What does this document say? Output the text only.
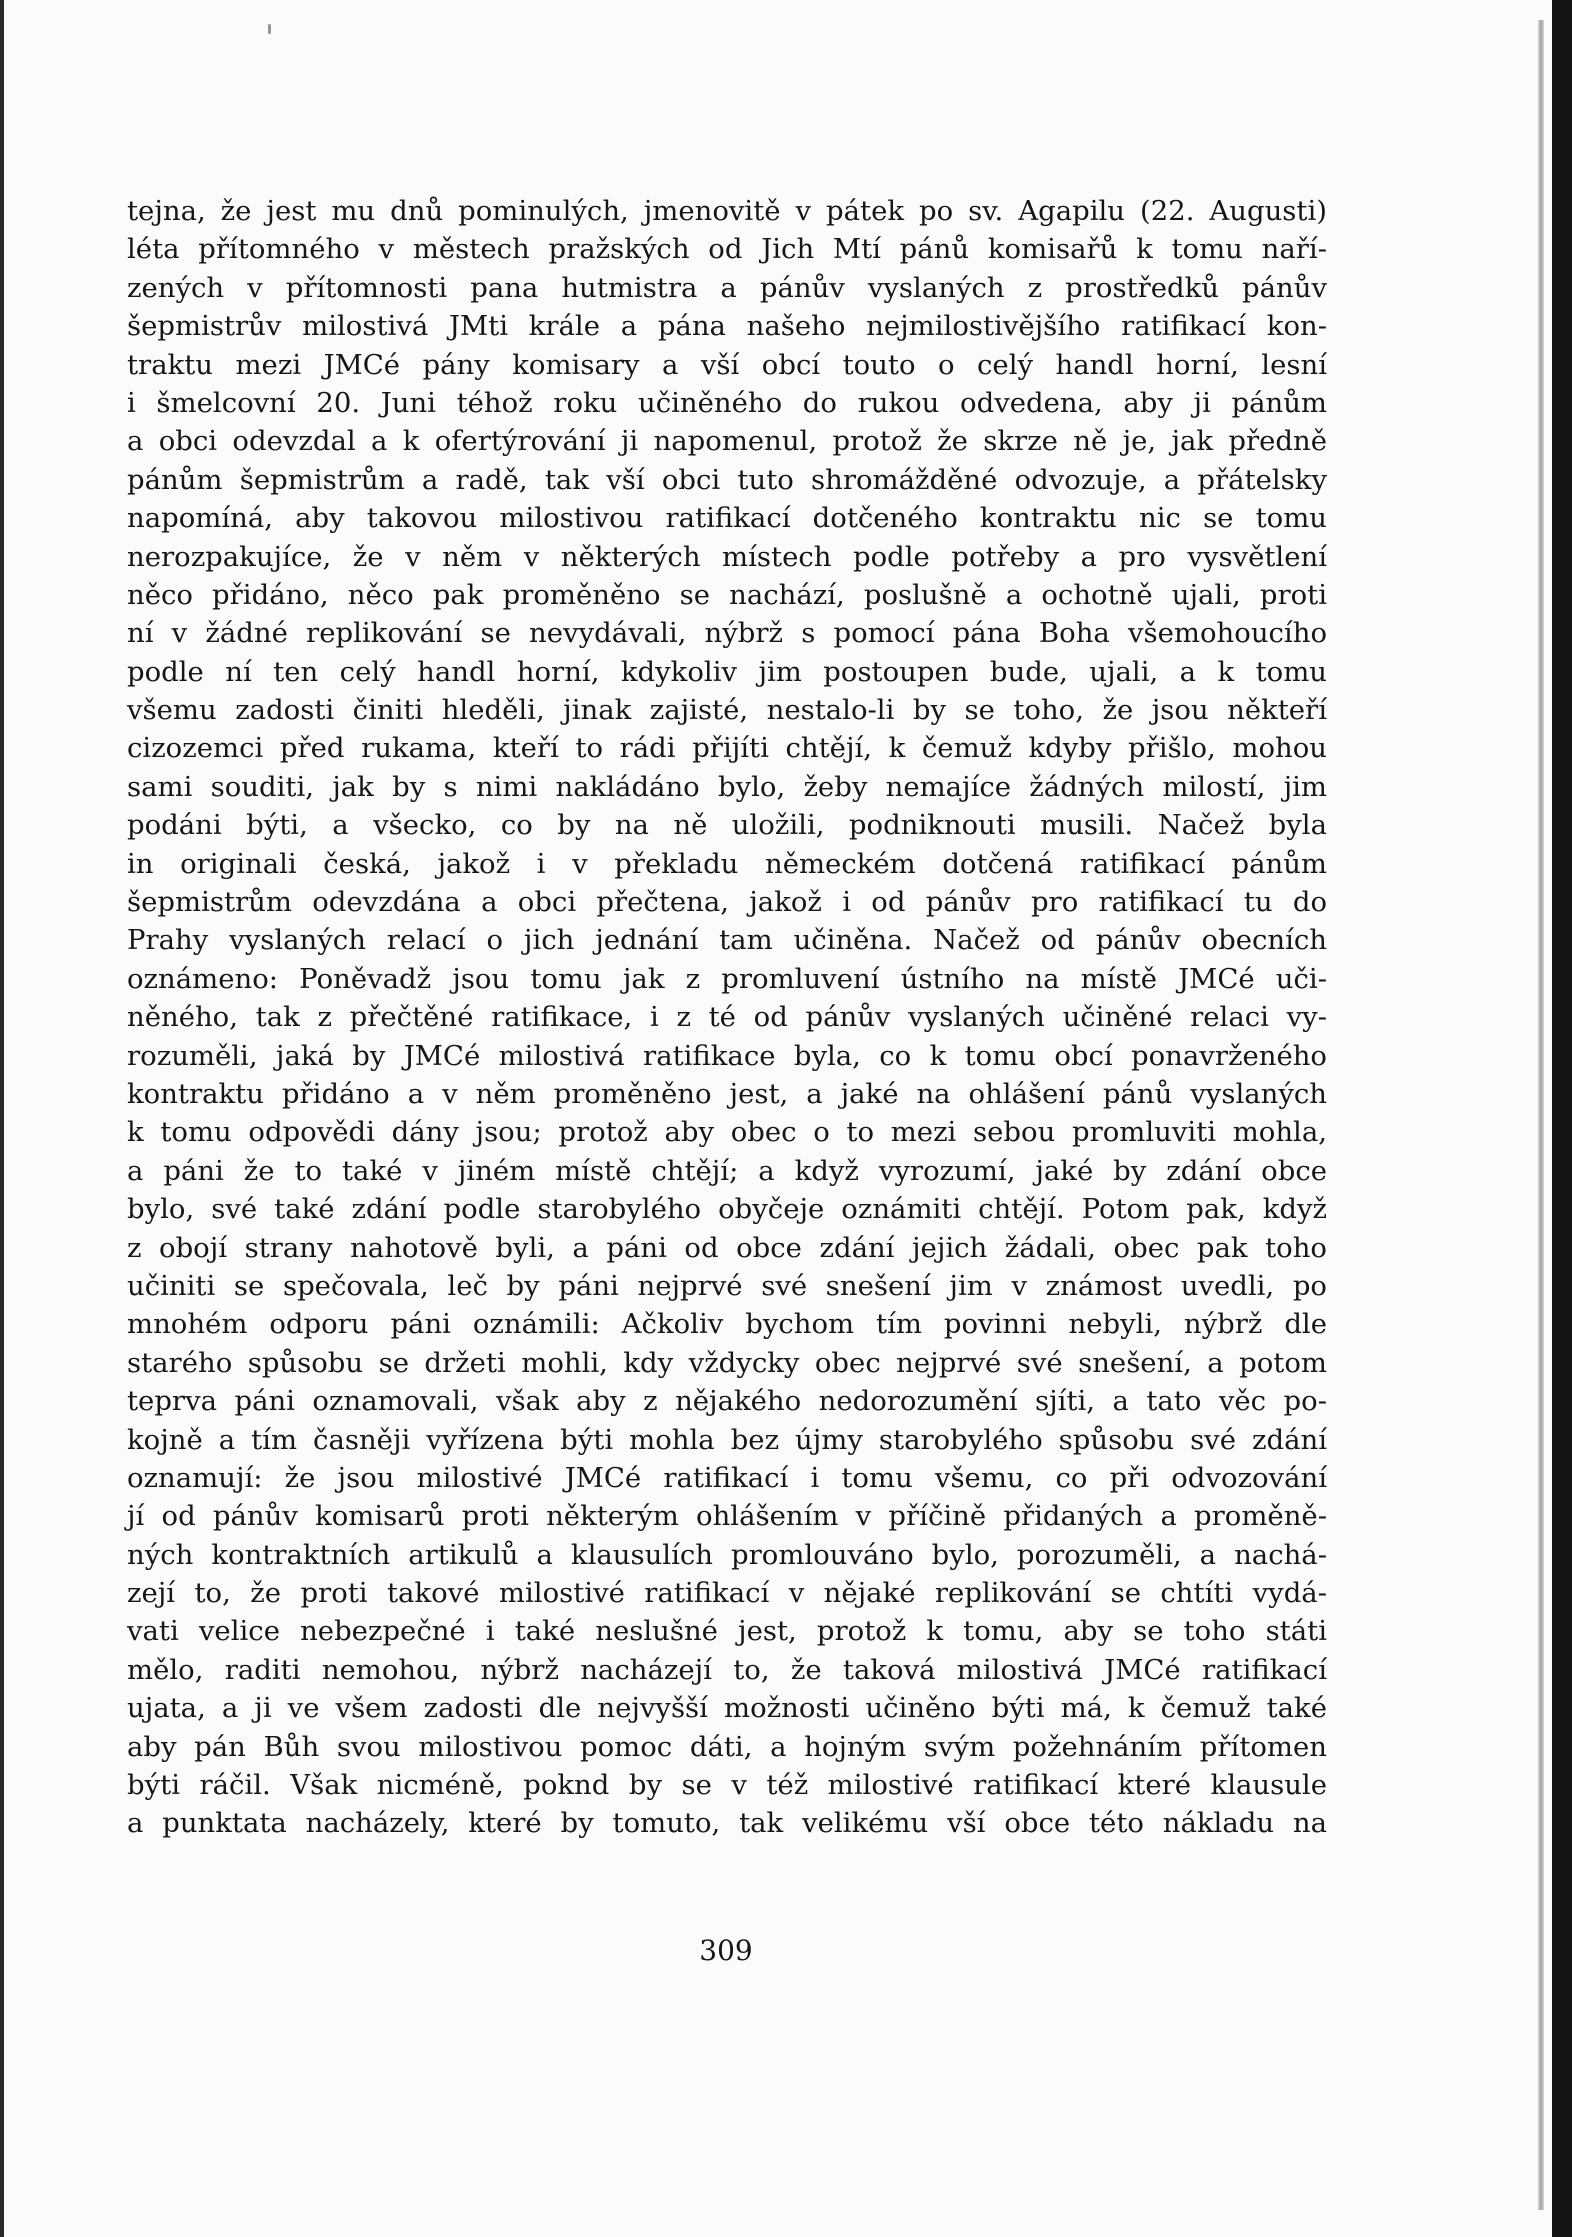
tejna, že jest mu dnů pominulých, jmenovitě v pátek po sv. Agapilu (22. Augusti)
léta přítomného v městech pražských od Jich Mtí pánů komisařů k tomu naří-
zených v přítomnosti pana hutmistra a pánův vyslaných z prostředků pánův
šepmistrův milostivá JMti krále a pána našeho nejmilostivějšího ratifikací kon-
traktu mezi JMCé pány komisary a vší obcí touto o celý handl horní, lesní
i šmelcovní 20. Juni téhož roku učiněného do rukou odvedena, aby ji pánům
a obci odevzdal a k ofertýrování ji napomenul, protož že skrze ně je, jak předně
pánům šepmistrům a radě, tak vší obci tuto shromážděné odvozuje, a přátelsky
napomíná, aby takovou milostivou ratifikací dotčeného kontraktu nic se tomu
nerozpakujíce, že v něm v některých místech podle potřeby a pro vysvětlení
něco přidáno, něco pak proměněno se nachází, poslušně a ochotně ujali, proti
ní v žádné replikování se nevydávali, nýbrž s pomocí pána Boha všemohoucího
podle ní ten celý handl horní, kdykoliv jim postoupen bude, ujali, a k tomu
všemu zadosti činiti hleděli, jinak zajisté, nestalo-li by se toho, že jsou někteří
cizozemci před rukama, kteří to rádi přijíti chtějí, k čemuž kdyby přišlo, mohou
sami souditi, jak by s nimi nakládáno bylo, žeby nemajíce žádných milostí, jim
podáni býti, a všecko, co by na ně uložili, podniknouti musili. Načež byla
in originali česká, jakož i v překladu německém dotčená ratifikací pánům
šepmistrům odevzdána a obci přečtena, jakož i od pánův pro ratifikací tu do
Prahy vyslaných relací o jich jednání tam učiněna. Načež od pánův obecních
oznámeno: Poněvadž jsou tomu jak z promluvení ústního na místě JMCé uči-
něného, tak z přečtěné ratifikace, i z té od pánův vyslaných učiněné relaci vy-
rozuměli, jaká by JMCé milostivá ratifikace byla, co k tomu obcí ponavrženého
kontraktu přidáno a v něm proměněno jest, a jaké na ohlášení pánů vyslaných
k tomu odpovědi dány jsou; protož aby obec o to mezi sebou promluviti mohla,
a páni že to také v jiném místě chtějí; a když vyrozumí, jaké by zdání obce
bylo, své také zdání podle starobylého obyčeje oznámiti chtějí. Potom pak, když
z obojí strany nahotově byli, a páni od obce zdání jejich žádali, obec pak toho
učiniti se spečovala, leč by páni nejprvé své snešení jim v známost uvedli, po
mnohém odporu páni oznámili: Ačkoliv bychom tím povinni nebyli, nýbrž dle
starého spůsobu se držeti mohli, kdy vždycky obec nejprvé své snešení, a potom
teprva páni oznamovali, však aby z nějakého nedorozumění sjíti, a tato věc po-
kojně a tím časněji vyřízena býti mohla bez újmy starobylého spůsobu své zdání
oznamují: že jsou milostivé JMCé ratifikací i tomu všemu, co při odvozování
jí od pánův komisarů proti některým ohlášením v příčině přidaných a proměně-
ných kontraktních artikulů a klausulích promlouváno bylo, porozuměli, a nachá-
zejí to, že proti takové milostivé ratifikací v nějaké replikování se chtíti vydá-
vati velice nebezpečné i také neslušné jest, protož k tomu, aby se toho státi
mělo, raditi nemohou, nýbrž nacházejí to, že taková milostivá JMCé ratifikací
ujata, a ji ve všem zadosti dle nejvyšší možnosti učiněno býti má, k čemuž také
aby pán Bůh svou milostivou pomoc dáti, a hojným svým požehnáním přítomen
býti ráčil. Však nicméně, poknd by se v též milostivé ratifikací které klausule
a punktata nacházely, které by tomuto, tak velikému vší obce této nákladu na
309
